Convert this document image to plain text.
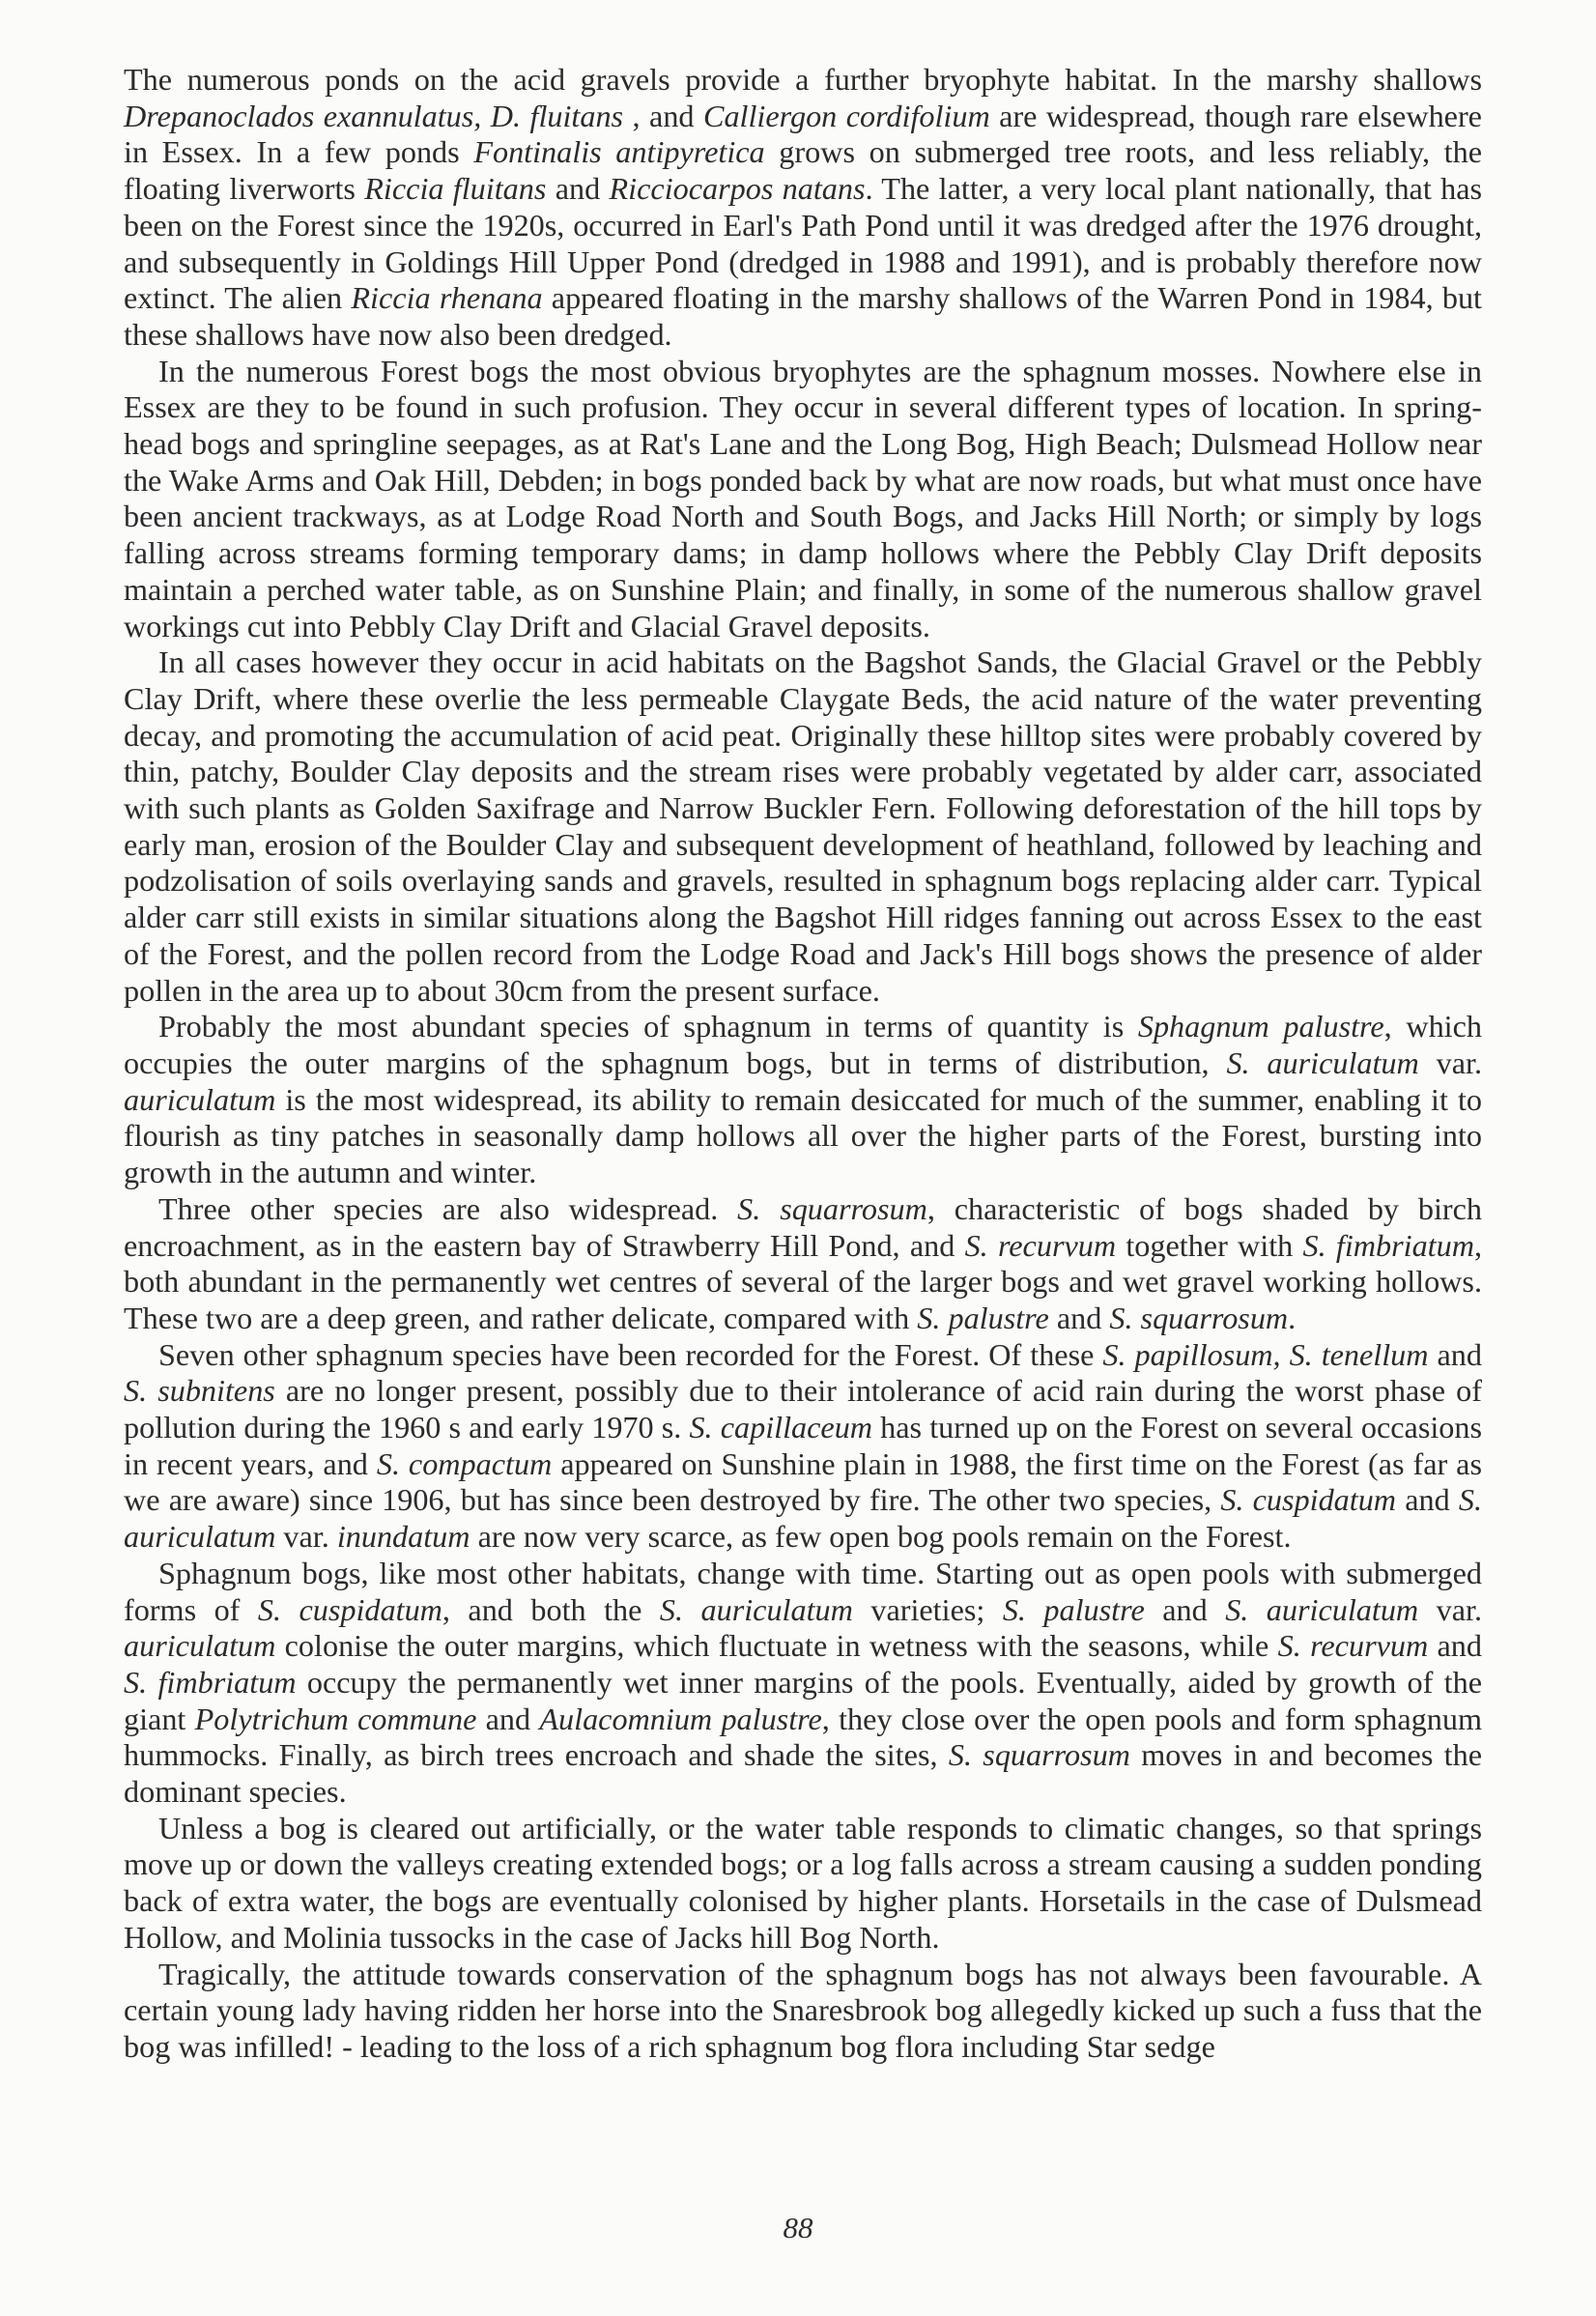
The numerous ponds on the acid gravels provide a further bryophyte habitat. In the marshy shallows Drepanoclados exannulatus, D. fluitans , and Calliergon cordifolium are widespread, though rare elsewhere in Essex. In a few ponds Fontinalis antipyretica grows on submerged tree roots, and less reliably, the floating liverworts Riccia fluitans and Ricciocarpos natans. The latter, a very local plant nationally, that has been on the Forest since the 1920s, occurred in Earl's Path Pond until it was dredged after the 1976 drought, and subsequently in Goldings Hill Upper Pond (dredged in 1988 and 1991), and is probably therefore now extinct. The alien Riccia rhenana appeared floating in the marshy shallows of the Warren Pond in 1984, but these shallows have now also been dredged.

In the numerous Forest bogs the most obvious bryophytes are the sphagnum mosses. Nowhere else in Essex are they to be found in such profusion. They occur in several different types of location. In spring-head bogs and springline seepages, as at Rat's Lane and the Long Bog, High Beach; Dulsmead Hollow near the Wake Arms and Oak Hill, Debden; in bogs ponded back by what are now roads, but what must once have been ancient trackways, as at Lodge Road North and South Bogs, and Jacks Hill North; or simply by logs falling across streams forming temporary dams; in damp hollows where the Pebbly Clay Drift deposits maintain a perched water table, as on Sunshine Plain; and finally, in some of the numerous shallow gravel workings cut into Pebbly Clay Drift and Glacial Gravel deposits.

In all cases however they occur in acid habitats on the Bagshot Sands, the Glacial Gravel or the Pebbly Clay Drift, where these overlie the less permeable Claygate Beds, the acid nature of the water preventing decay, and promoting the accumulation of acid peat. Originally these hilltop sites were probably covered by thin, patchy, Boulder Clay deposits and the stream rises were probably vegetated by alder carr, associated with such plants as Golden Saxifrage and Narrow Buckler Fern. Following deforestation of the hill tops by early man, erosion of the Boulder Clay and subsequent development of heathland, followed by leaching and podzolisation of soils overlaying sands and gravels, resulted in sphagnum bogs replacing alder carr. Typical alder carr still exists in similar situations along the Bagshot Hill ridges fanning out across Essex to the east of the Forest, and the pollen record from the Lodge Road and Jack's Hill bogs shows the presence of alder pollen in the area up to about 30cm from the present surface.

Probably the most abundant species of sphagnum in terms of quantity is Sphagnum palustre, which occupies the outer margins of the sphagnum bogs, but in terms of distribution, S. auriculatum var. auriculatum is the most widespread, its ability to remain desiccated for much of the summer, enabling it to flourish as tiny patches in seasonally damp hollows all over the higher parts of the Forest, bursting into growth in the autumn and winter.

Three other species are also widespread. S. squarrosum, characteristic of bogs shaded by birch encroachment, as in the eastern bay of Strawberry Hill Pond, and S. recurvum together with S. fimbriatum, both abundant in the permanently wet centres of several of the larger bogs and wet gravel working hollows. These two are a deep green, and rather delicate, compared with S. palustre and S. squarrosum.

Seven other sphagnum species have been recorded for the Forest. Of these S. papillosum, S. tenellum and S. subnitens are no longer present, possibly due to their intolerance of acid rain during the worst phase of pollution during the 1960 s and early 1970 s. S. capillaceum has turned up on the Forest on several occasions in recent years, and S. compactum appeared on Sunshine plain in 1988, the first time on the Forest (as far as we are aware) since 1906, but has since been destroyed by fire. The other two species, S. cuspidatum and S. auriculatum var. inundatum are now very scarce, as few open bog pools remain on the Forest.

Sphagnum bogs, like most other habitats, change with time. Starting out as open pools with submerged forms of S. cuspidatum, and both the S. auriculatum varieties; S. palustre and S. auriculatum var. auriculatum colonise the outer margins, which fluctuate in wetness with the seasons, while S. recurvum and S. fimbriatum occupy the permanently wet inner margins of the pools. Eventually, aided by growth of the giant Polytrichum commune and Aulacomnium palustre, they close over the open pools and form sphagnum hummocks. Finally, as birch trees encroach and shade the sites, S. squarrosum moves in and becomes the dominant species.

Unless a bog is cleared out artificially, or the water table responds to climatic changes, so that springs move up or down the valleys creating extended bogs; or a log falls across a stream causing a sudden ponding back of extra water, the bogs are eventually colonised by higher plants. Horsetails in the case of Dulsmead Hollow, and Molinia tussocks in the case of Jacks hill Bog North.

Tragically, the attitude towards conservation of the sphagnum bogs has not always been favourable. A certain young lady having ridden her horse into the Snaresbrook bog allegedly kicked up such a fuss that the bog was infilled! - leading to the loss of a rich sphagnum bog flora including Star sedge

88
